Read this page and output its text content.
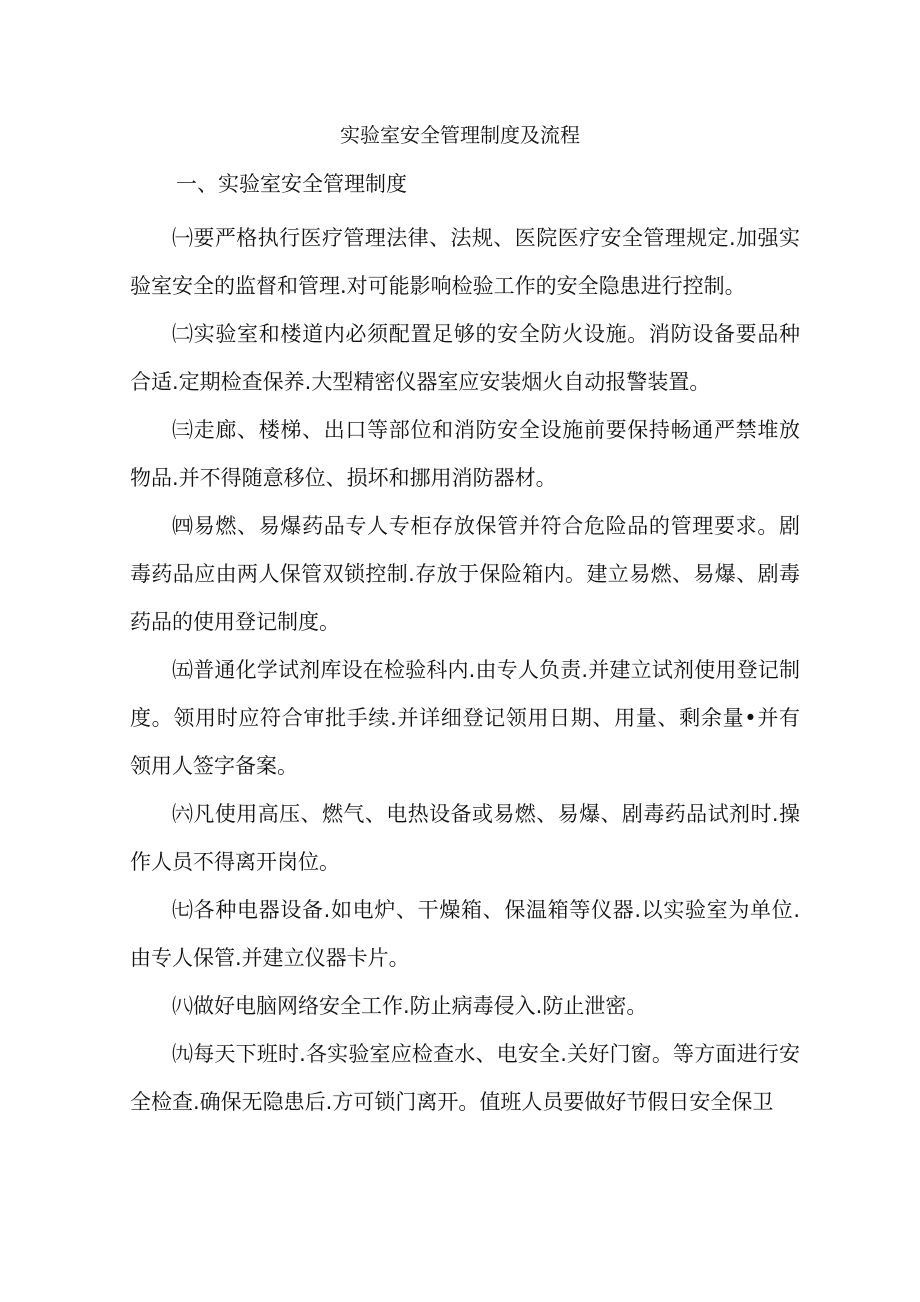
实验室安全管理制度及流程
一、实验室安全管理制度

㈠要严格执行医疗管理法律、法规、医院医疗安全管理规定.加强实验室安全的监督和管理.对可能影响检验工作的安全隐患进行控制。

㈡实验室和楼道内必须配置足够的安全防火设施。消防设备要品种合适.定期检查保养.大型精密仪器室应安装烟火自动报警装置。

㈢走廊、楼梯、出口等部位和消防安全设施前要保持畅通严禁堆放物品.并不得随意移位、损坏和挪用消防器材。

㈣易燃、易爆药品专人专柜存放保管并符合危险品的管理要求。剧毒药品应由两人保管双锁控制.存放于保险箱内。建立易燃、易爆、剧毒药品的使用登记制度。

㈤普通化学试剂库设在检验科内.由专人负责.并建立试剂使用登记制度。领用时应符合审批手续.并详细登记领用日期、用量、剩余量•并有领用人签字备案。

㈥凡使用高压、燃气、电热设备或易燃、易爆、剧毒药品试剂时.操作人员不得离开岗位。

㈦各种电器设备.如电炉、干燥箱、保温箱等仪器.以实验室为单位.由专人保管.并建立仪器卡片。

㈧做好电脑网络安全工作.防止病毒侵入.防止泄密。

㈨每天下班时.各实验室应检查水、电安全.关好门窗。等方面进行安全检查.确保无隐患后.方可锁门离开。值班人员要做好节假日安全保卫
